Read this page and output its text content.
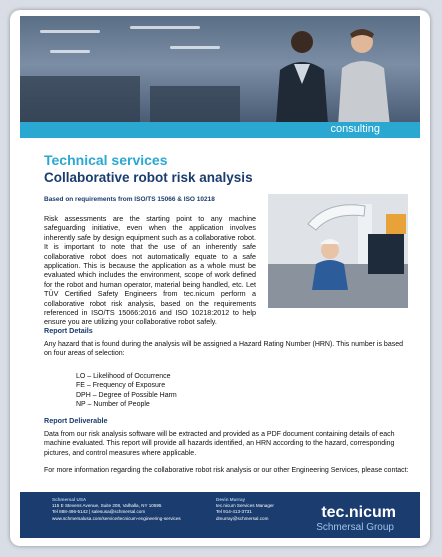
consulting
Technical services
Collaborative robot risk analysis
Based on requirements from ISO/TS 15066 & ISO 10218
Risk assessments are the starting point to any machine safeguarding initiative, even when the application involves inherently safe by design equipment such as a collaborative robot. It is important to note that the use of an inherently safe collaborative robot does not automatically equate to a safe application. This is because the application as a whole must be evaluated which includes the environment, scope of work defined for the robot and human operator, material being handled, etc. Let TÜV Certified Safety Engineers from tec.nicum perform a collaborative robot risk analysis, based on the requirements referenced in ISO/TS 15066:2016 and ISO 10218:2012 to help ensure you are utilizing your collaborative robot safely.
Report Details
Any hazard that is found during the analysis will be assigned a Hazard Rating Number (HRN). This number is based on four areas of selection:
LO – Likelihood of Occurrence
FE – Frequency of Exposure
DPH – Degree of Possible Harm
NP – Number of People
Report Deliverable
Data from our risk analysis software will be extracted and provided as a PDF document containing details of each machine evaluated. This report will provide all hazards identified, an HRN according to the hazard, corresponding pictures, and control measures where applicable.
For more information regarding the collaborative robot risk analysis or our other Engineering Services, please contact:
Schmersal USA
115 E Stevens Avenue, Suite 208, Valhalla, NY 10595
Tel 888-496-5142 | salesusa@schmersal.com
www.schmersalusa.com/service/tecnicum-engineering-services
Devin Murray
tec.nicum Services Manager
Tel 914-413-3731
dmurray@schmersal.com	tec.nicum
Schmersal Group
